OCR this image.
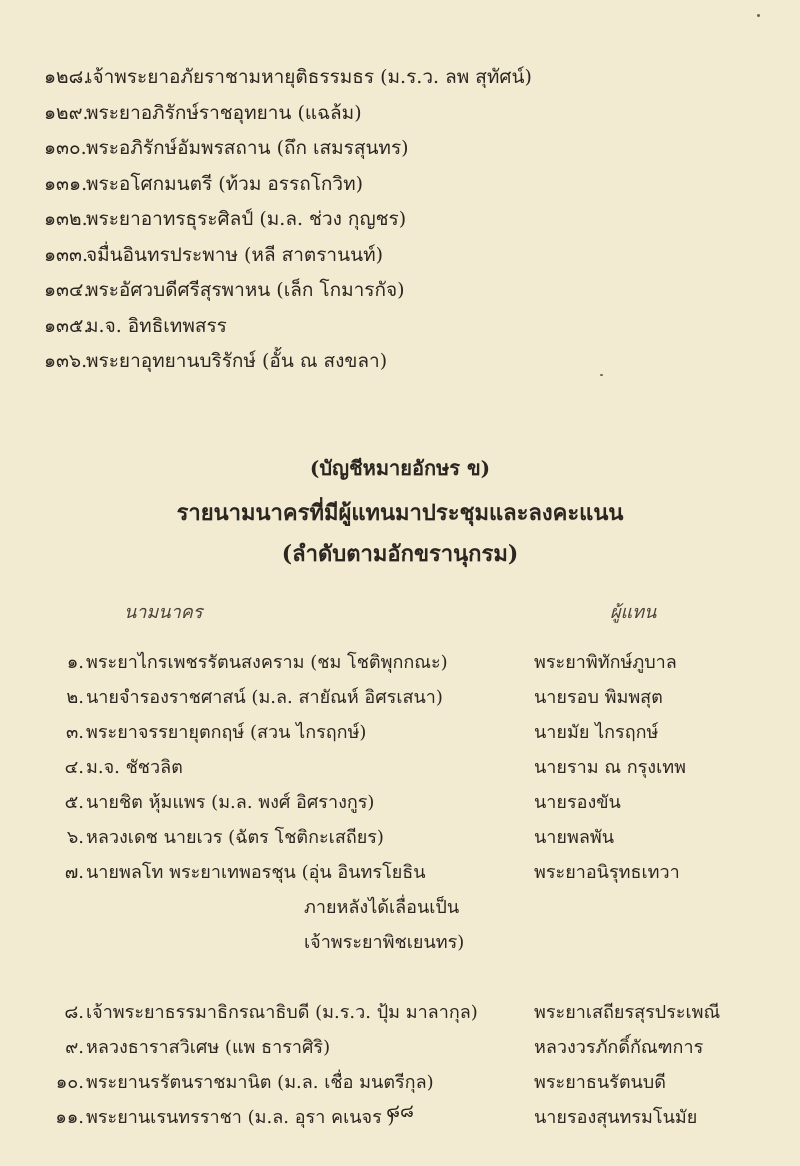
๑๒๘.
เจ้าพระยาอภัยราชามหายุติธรรมธร (ม.ร.ว. ลพ สุทัศน์)
๑๒๙.
พระยาอภิรักษ์ราชอุทยาน (แฉล้ม)
๑๓๐. พระอภิรักษ์อัมพรสถาน (ถึก เสมรสุนทร)
๑๓๑.
พระอโศกมนตรี (ท้วม อรรถโกวิท)
๑๓๒.
พระยาอาทรธุระศิลป์ (ม.ล. ช่วง กุญชร)
๑๓๓.
จมื่นอินทรประพาษ (หลี สาตรานนท์)
๑๓๔.
พระอัศวบดีศรีสุรพาหน (เล็ก โกมารกัจ)
๑๓๕.
ม.จ. อิทธิเทพสรร
๑๓๖.
พระยาอุทยานบริรักษ์ (อั้น ณ สงขลา)
(บัญชีหมายอักษร ข)
รายนามนาครที่มีผู้แทนมาประชุมและลงคะแนน
(ลำดับตามอักขรานุกรม)
นามนาคร	ผู้แทน
๑. พระยาไกรเพชรรัตนสงคราม (ชม โชติพุกกณะ)	พระยาพิทักษ์ภูบาล
๒. นายจำรองราชศาสน์ (ม.ล. สายัณห์ อิศรเสนา)	นายรอบ พิมพสุต
๓. พระยาจรรยายุตกฤษ์ (สวน ไกรฤกษ์)	นายมัย ไกรฤกษ์
๔. ม.จ. ชัชวลิต	นายราม ณ กรุงเทพ
๕. นายชิต หุ้มแพร (ม.ล. พงศ์ อิศรางกูร)	นายรองขัน
๖. หลวงเดช นายเวร (ฉัตร โชติกะเสถียร)	นายพลพัน
๗. นายพลโท พระยาเทพอรชุน (อุ่น อินทรโยธิน	พระยาอนิรุทธเทวา
ภายหลังได้เลื่อนเป็น
เจ้าพระยาพิชเยนทร)
๘. เจ้าพระยาธรรมาธิกรณาธิบดี (ม.ร.ว. ปุ้ม มาลากุล)	พระยาเสถียรสุรประเพณี
๙. หลวงธาราสวิเศษ (แพ ธาราศิริ)	หลวงวรภักดิ์กัณฑการ
๑๐. พระยานรรัตนราชมานิต (ม.ล. เชื่อ มนตรีกุล)	พระยาธนรัตนบดี
๑๑. พระยานเรนทรราชา (ม.ล. อุรา คเนจร )	นายรองสุนทรมโนมัย
๘๘
